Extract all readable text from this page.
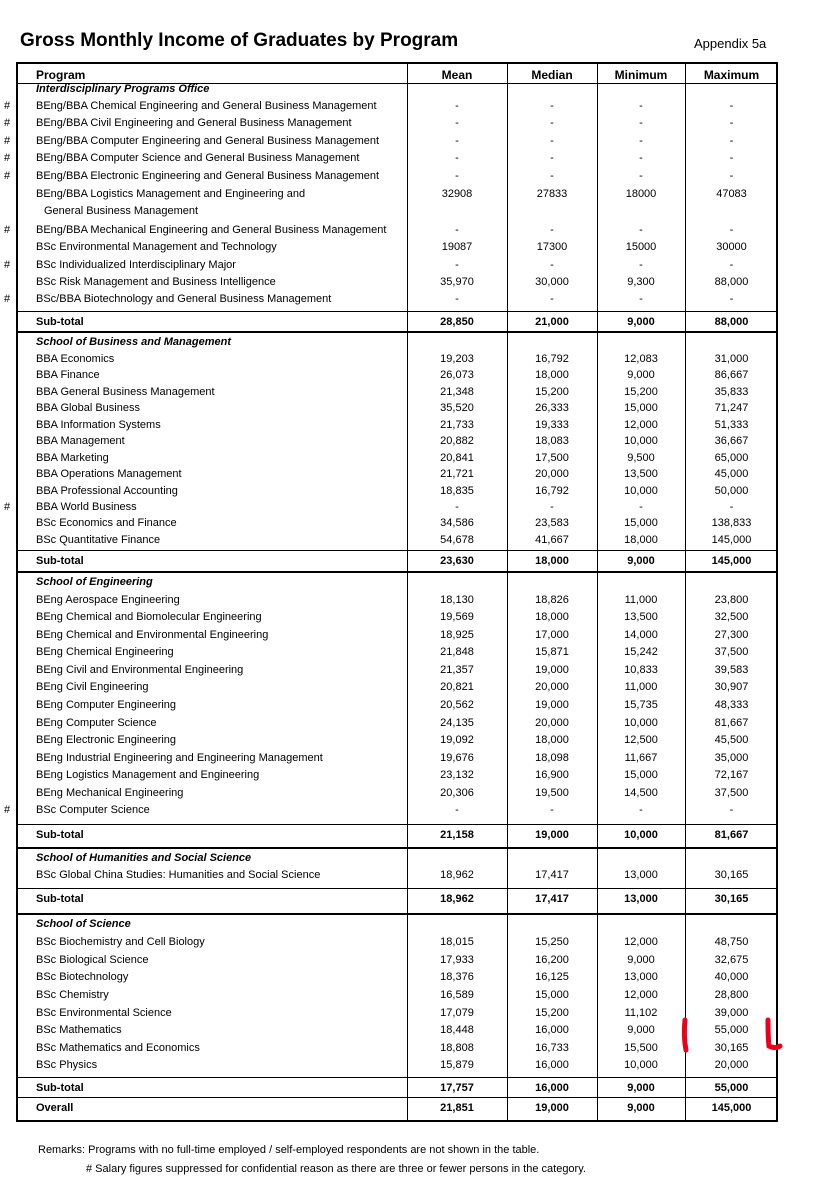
Gross Monthly Income of Graduates by Program	Appendix 5a
Program	Mean	Median	Minimum	Maximum
Interdisciplinary Programs Office
# BEng/BBA Chemical Engineering and General Business Management	-	-	-	-
# BEng/BBA Civil Engineering and General Business Management	-	-	-	-
# BEng/BBA Computer Engineering and General Business Management	-	-	-	-
# BEng/BBA Computer Science and General Business Management	-	-	-	-
# BEng/BBA Electronic Engineering and General Business Management	-	-	-	-
BEng/BBA Logistics Management and Engineering and
General Business Management
32908	27833	18000	47083
# BEng/BBA Mechanical Engineering and General Business Management	-	-	-	-
BSc Environmental Management and Technology	19087	17300	15000	30000
# BSc Individualized Interdisciplinary Major	-	-	-	-
BSc Risk Management and Business Intelligence	35,970	30,000	9,300	88,000
# BSc/BBA Biotechnology and General Business Management	-	-	-	-
Sub-total	28,850	21,000	9,000	88,000
School of Business and Management
BBA Economics	19,203	16,792	12,083	31,000
BBA Finance	26,073	18,000	9,000	86,667
BBA General Business Management	21,348	15,200	15,200	35,833
BBA Global Business	35,520	26,333	15,000	71,247
BBA Information Systems	21,733	19,333	12,000	51,333
BBA Management	20,882	18,083	10,000	36,667
BBA Marketing	20,841	17,500	9,500	65,000
BBA Operations Management	21,721	20,000	13,500	45,000
BBA Professional Accounting	18,835	16,792	10,000	50,000
# BBA World Business	-	-	-	-
BSc Economics and Finance	34,586	23,583	15,000	138,833
BSc Quantitative Finance	54,678	41,667	18,000	145,000
Sub-total	23,630	18,000	9,000	145,000
School of Engineering
BEng Aerospace Engineering	18,130	18,826	11,000	23,800
BEng Chemical and Biomolecular Engineering	19,569	18,000	13,500	32,500
BEng Chemical and Environmental Engineering	18,925	17,000	14,000	27,300
BEng Chemical Engineering	21,848	15,871	15,242	37,500
BEng Civil and Environmental Engineering	21,357	19,000	10,833	39,583
BEng Civil Engineering	20,821	20,000	11,000	30,907
BEng Computer Engineering	20,562	19,000	15,735	48,333
BEng Computer Science	24,135	20,000	10,000	81,667
BEng Electronic Engineering	19,092	18,000	12,500	45,500
BEng Industrial Engineering and Engineering Management	19,676	18,098	11,667	35,000
BEng Logistics Management and Engineering	23,132	16,900	15,000	72,167
BEng Mechanical Engineering	20,306	19,500	14,500	37,500
# BSc Computer Science	-	-	-	-
Sub-total	21,158	19,000	10,000	81,667
School of Humanities and Social Science
BSc Global China Studies: Humanities and Social Science	18,962	17,417	13,000	30,165
Sub-total	18,962	17,417	13,000	30,165
School of Science
BSc Biochemistry and Cell Biology	18,015	15,250	12,000	48,750
BSc Biological Science	17,933	16,200	9,000	32,675
BSc Biotechnology	18,376	16,125	13,000	40,000
BSc Chemistry	16,589	15,000	12,000	28,800
BSc Environmental Science	17,079	15,200	11,102	39,000
BSc Mathematics	18,448	16,000	9,000	55,000
BSc Mathematics and Economics	18,808	16,733	15,500	30,165
BSc Physics	15,879	16,000	10,000	20,000
Sub-total	17,757	16,000	9,000	55,000
Overall	21,851	19,000	9,000	145,000
Remarks: Programs with no full-time employed / self-employed respondents are not shown in the table.
# Salary figures suppressed for confidential reason as there are three or fewer persons in the category.
